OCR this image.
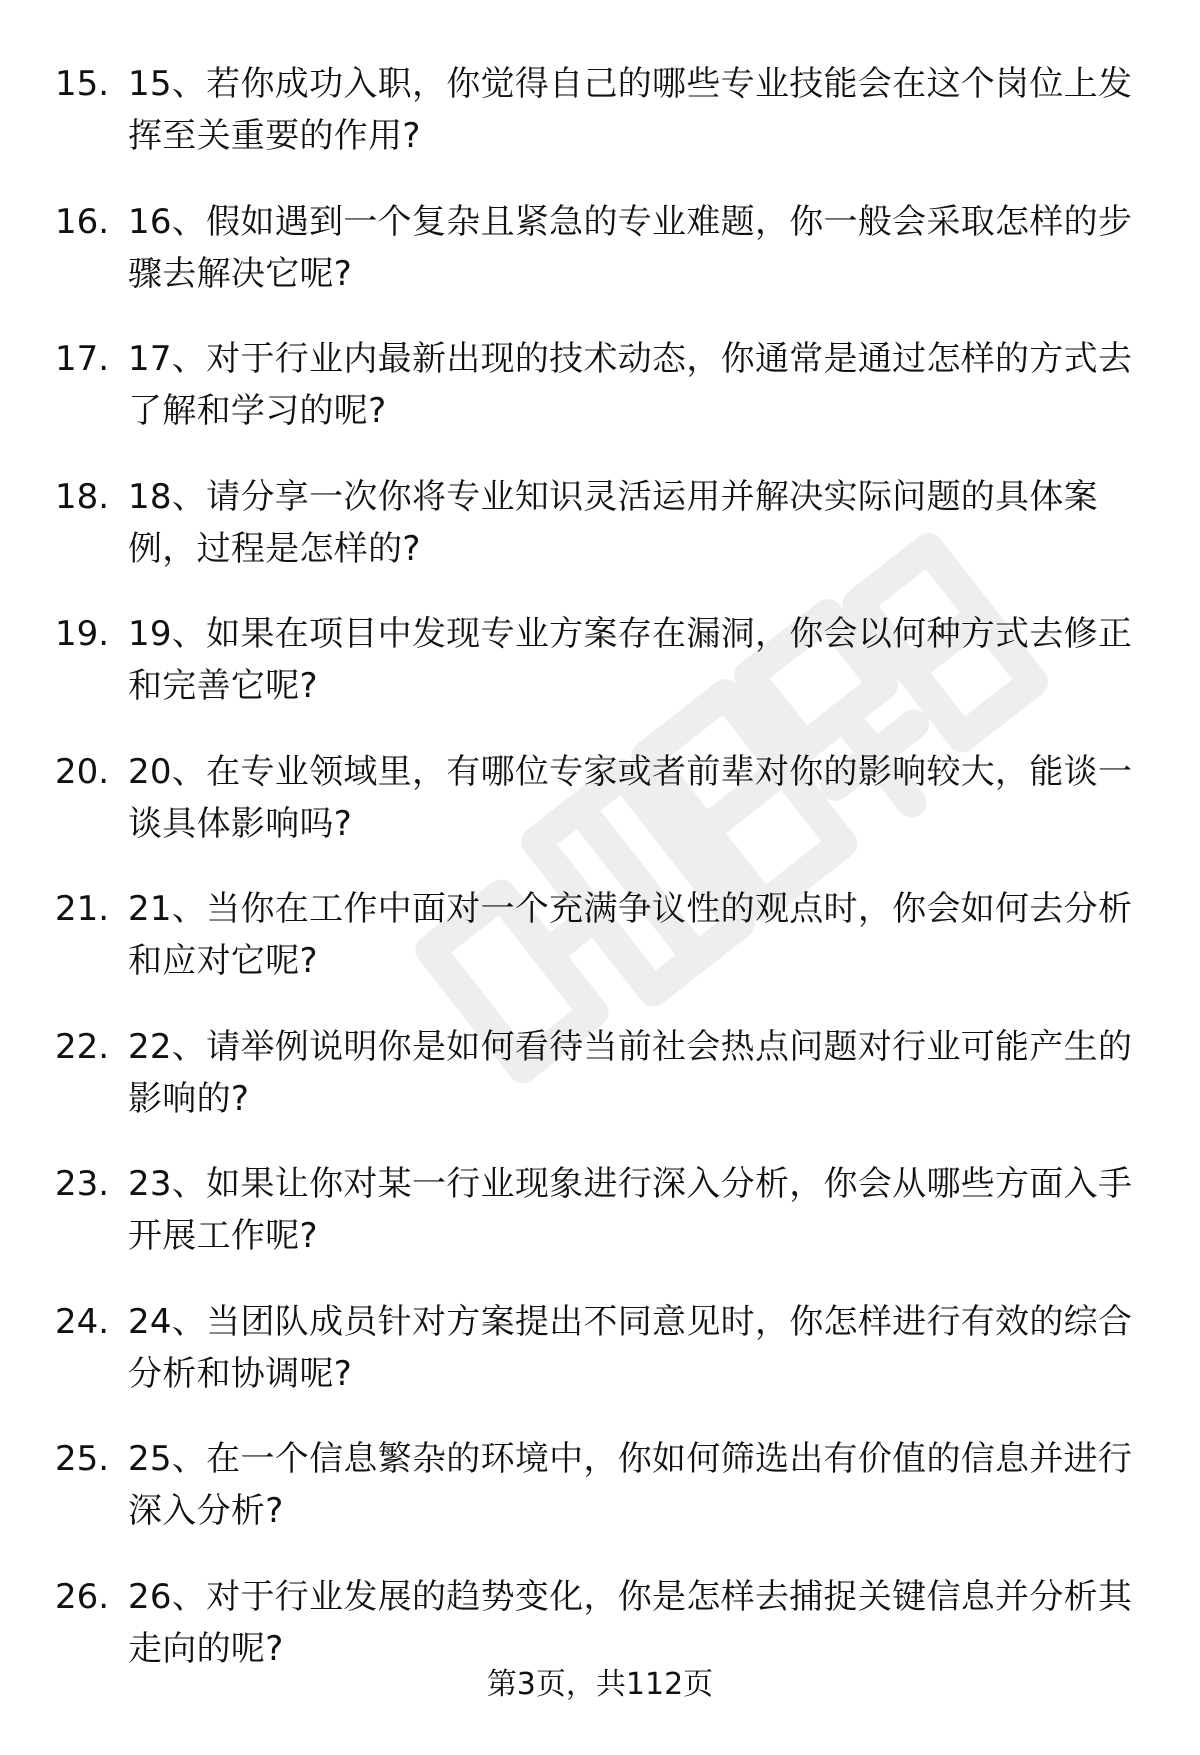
15. 15、若你成功入职，你觉得自己的哪些专业技能会在这个岗位上发挥至关重要的作用?
16. 16、假如遇到一个复杂且紧急的专业难题，你一般会采取怎样的步骤去解决它呢?
17. 17、对于行业内最新出现的技术动态，你通常是通过怎样的方式去了解和学习的呢?
18. 18、请分享一次你将专业知识灵活运用并解决实际问题的具体案例，过程是怎样的?
19. 19、如果在项目中发现专业方案存在漏洞，你会以何种方式去修正和完善它呢?
20. 20、在专业领域里，有哪位专家或者前辈对你的影响较大，能谈一谈具体影响吗?
21. 21、当你在工作中面对一个充满争议性的观点时，你会如何去分析和应对它呢?
22. 22、请举例说明你是如何看待当前社会热点问题对行业可能产生的影响的?
23. 23、如果让你对某一行业现象进行深入分析，你会从哪些方面入手开展工作呢?
24. 24、当团队成员针对方案提出不同意见时，你怎样进行有效的综合分析和协调呢?
25. 25、在一个信息繁杂的环境中，你如何筛选出有价值的信息并进行深入分析?
26. 26、对于行业发展的趋势变化，你是怎样去捕捉关键信息并分析其走向的呢?
第3页，共112页
